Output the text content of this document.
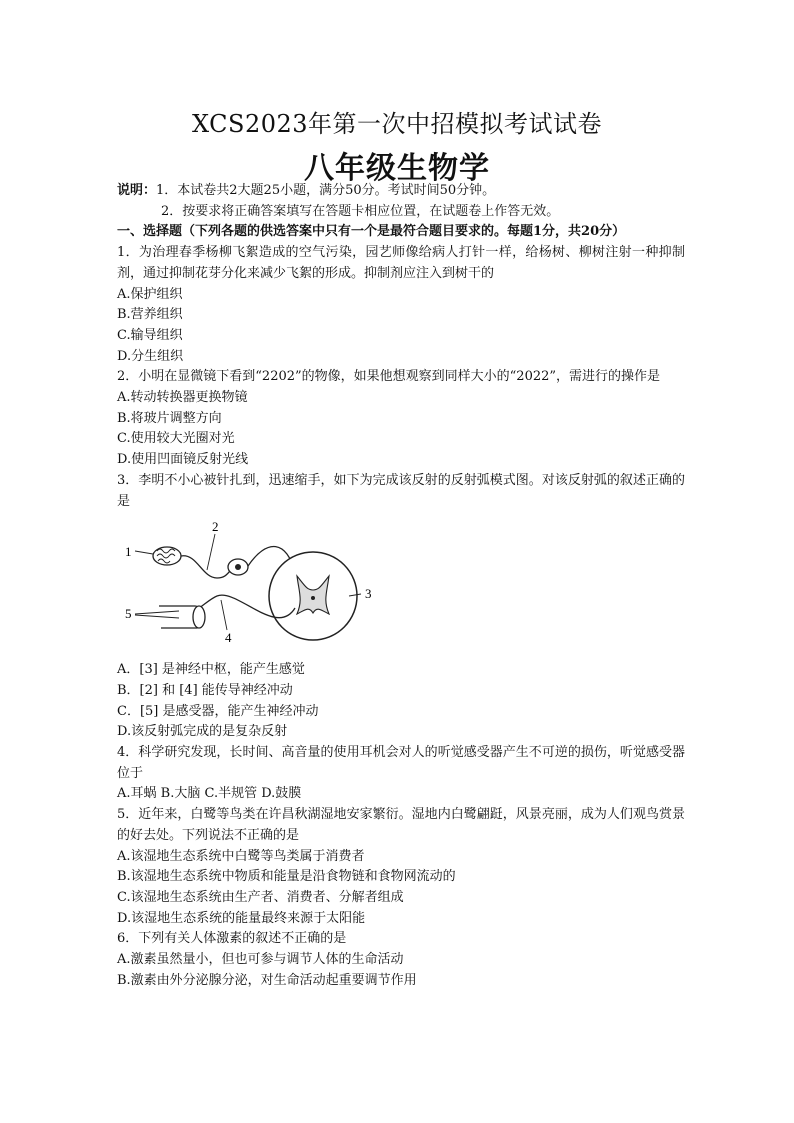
XCS2023年第一次中招模拟考试试卷
八年级生物学
说明：1．本试卷共2大题25小题，满分50分。考试时间50分钟。
2．按要求将正确答案填写在答题卡相应位置，在试题卷上作答无效。
一、选择题（下列各题的供选答案中只有一个是最符合题目要求的。每题1分，共20分）
1．为治理春季杨柳飞絮造成的空气污染，园艺师像给病人打针一样，给杨树、柳树注射一种抑制剂，通过抑制花芽分化来减少飞絮的形成。抑制剂应注入到树干的
A.保护组织
B.营养组织
C.输导组织
D.分生组织
2．小明在显微镜下看到“2202”的物像，如果他想观察到同样大小的“2022”，需进行的操作是
A.转动转换器更换物镜
B.将玻片调整方向
C.使用较大光圈对光
D.使用凹面镜反射光线
3．李明不小心被针扎到，迅速缩手，如下为完成该反射的反射弧模式图。对该反射弧的叙述正确的是
1
2
3
4
5
A．[3] 是神经中枢，能产生感觉
B．[2] 和 [4] 能传导神经冲动
C．[5] 是感受器，能产生神经冲动
D.该反射弧完成的是复杂反射
4．科学研究发现，长时间、高音量的使用耳机会对人的听觉感受器产生不可逆的损伤，听觉感受器位于
A.耳蜗 B.大脑 C.半规管 D.鼓膜
5．近年来，白鹭等鸟类在许昌秋湖湿地安家繁衍。湿地内白鹭翩跹，风景亮丽，成为人们观鸟赏景的好去处。下列说法不正确的是
A.该湿地生态系统中白鹭等鸟类属于消费者
B.该湿地生态系统中物质和能量是沿食物链和食物网流动的
C.该湿地生态系统由生产者、消费者、分解者组成
D.该湿地生态系统的能量最终来源于太阳能
6．下列有关人体激素的叙述不正确的是
A.激素虽然量小，但也可参与调节人体的生命活动
B.激素由外分泌腺分泌，对生命活动起重要调节作用
